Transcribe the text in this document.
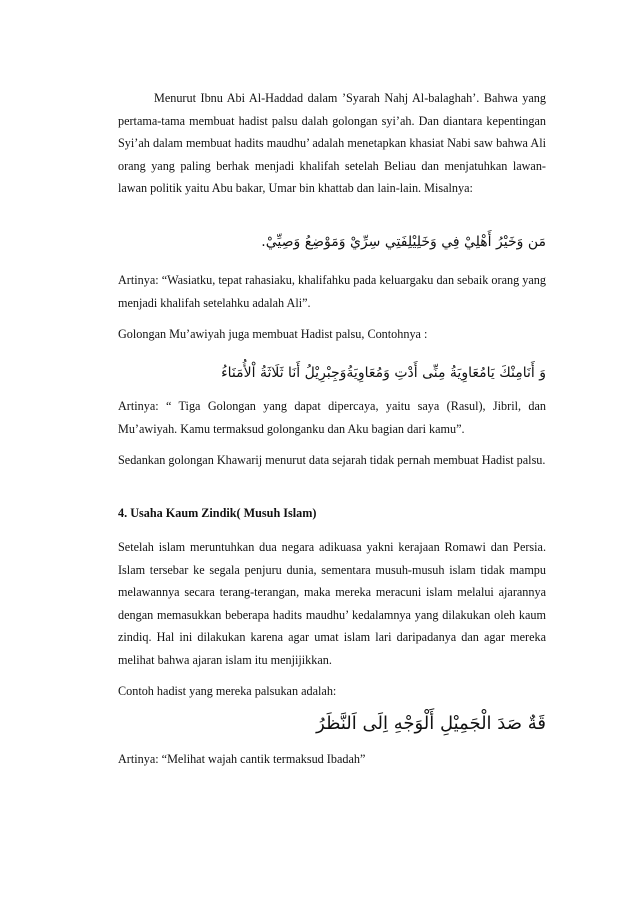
Menurut Ibnu Abi Al-Haddad dalam ’Syarah Nahj Al-balaghah’. Bahwa yang pertama-tama membuat hadist palsu dalah golongan syi’ah. Dan diantara kepentingan Syi’ah dalam membuat hadits maudhu’ adalah menetapkan khasiat Nabi saw bahwa Ali orang yang paling berhak menjadi khalifah setelah Beliau dan menjatuhkan lawan-lawan politik yaitu Abu bakar, Umar bin khattab dan lain-lain. Misalnya:

مَن وَخَيْرُ أَهْلِيْ فِي وَخَلِيْلِفَتِي سِرِّيْ وَمَوْضِعُ وَصِيِّيْ.

Artinya: “Wasiatku, tepat rahasiaku, khalifahku pada keluargaku dan sebaik orang yang menjadi khalifah setelahku adalah Ali”.

Golongan Mu’awiyah juga membuat Hadist palsu, Contohnya :

وَ أَنَامِنْكَ يَامُعَاوِيَةُ مِنِّى أَدْتِ وَمُعَاوِيَةُوَجِبْرِيْلُ أَنَا ثَلَاثَةُ اْلأُمَنَاءُ

Artinya: “ Tiga Golongan yang dapat dipercaya, yaitu saya (Rasul), Jibril, dan Mu’awiyah. Kamu termaksud golonganku dan Aku bagian dari kamu”.

Sedankan golongan Khawarij menurut data sejarah tidak pernah membuat Hadist palsu.

4. Usaha Kaum Zindik( Musuh Islam)

Setelah islam meruntuhkan dua negara adikuasa yakni kerajaan Romawi dan Persia. Islam tersebar ke segala penjuru dunia, sementara musuh-musuh islam tidak mampu melawannya secara terang-terangan, maka mereka meracuni islam melalui ajarannya dengan memasukkan beberapa hadits maudhu’ kedalamnya yang dilakukan oleh kaum zindiq. Hal ini dilakukan karena agar umat islam lari daripadanya dan agar mereka melihat bahwa ajaran islam itu menjijikkan.

Contoh hadist yang mereka palsukan adalah:

قَةٌ صَدَ الْجَمِيْلِ أَلْوَجْهِ اِلَى اَلنَّظَرُ

Artinya: “Melihat wajah cantik termaksud Ibadah”
